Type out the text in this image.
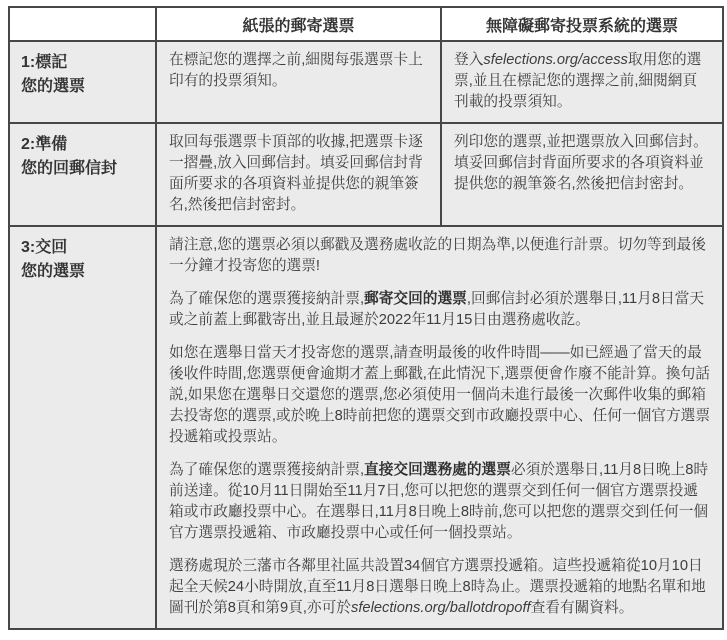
	紙張的郵寄選票	無障礙郵寄投票系統的選票

1:標記
您的選票	在標記您的選擇之前,細閱每張選票卡上印有的投票須知。	登入sfelections.org/access取用您的選票,並且在標記您的選擇之前,細閱網頁刊載的投票須知。

2:準備
您的回郵信封	取回每張選票卡頂部的收據,把選票卡逐一摺疊,放入回郵信封。填妥回郵信封背面所要求的各項資料並提供您的親筆簽名,然後把信封密封。	列印您的選票,並把選票放入回郵信封。填妥回郵信封背面所要求的各項資料並提供您的親筆簽名,然後把信封密封。

3:交回
您的選票

請注意,您的選票必須以郵戳及選務處收訖的日期為準,以便進行計票。切勿等到最後一分鐘才投寄您的選票!

為了確保您的選票獲接納計票,郵寄交回的選票,回郵信封必須於選舉日,11月8日當天或之前蓋上郵戳寄出,並且最遲於2022年11月15日由選務處收訖。

如您在選舉日當天才投寄您的選票,請查明最後的收件時間——如已經過了當天的最後收件時間,您選票便會逾期才蓋上郵戳,在此情況下,選票便會作廢不能計算。換句話説,如果您在選舉日交還您的選票,您必須使用一個尚未進行最後一次郵件收集的郵箱去投寄您的選票,或於晚上8時前把您的選票交到市政廳投票中心、任何一個官方選票投遞箱或投票站。

為了確保您的選票獲接納計票,直接交回選務處的選票必須於選舉日,11月8日晚上8時前送達。從10月11日開始至11月7日,您可以把您的選票交到任何一個官方選票投遞箱或市政廳投票中心。在選舉日,11月8日晚上8時前,您可以把您的選票交到任何一個官方選票投遞箱、市政廳投票中心或任何一個投票站。

選務處現於三藩市各鄰里社區共設置34個官方選票投遞箱。這些投遞箱從10月10日起全天候24小時開放,直至11月8日選舉日晚上8時為止。選票投遞箱的地點名單和地圖刊於第8頁和第9頁,亦可於sfelections.org/ballotdropoff查看有關資料。
